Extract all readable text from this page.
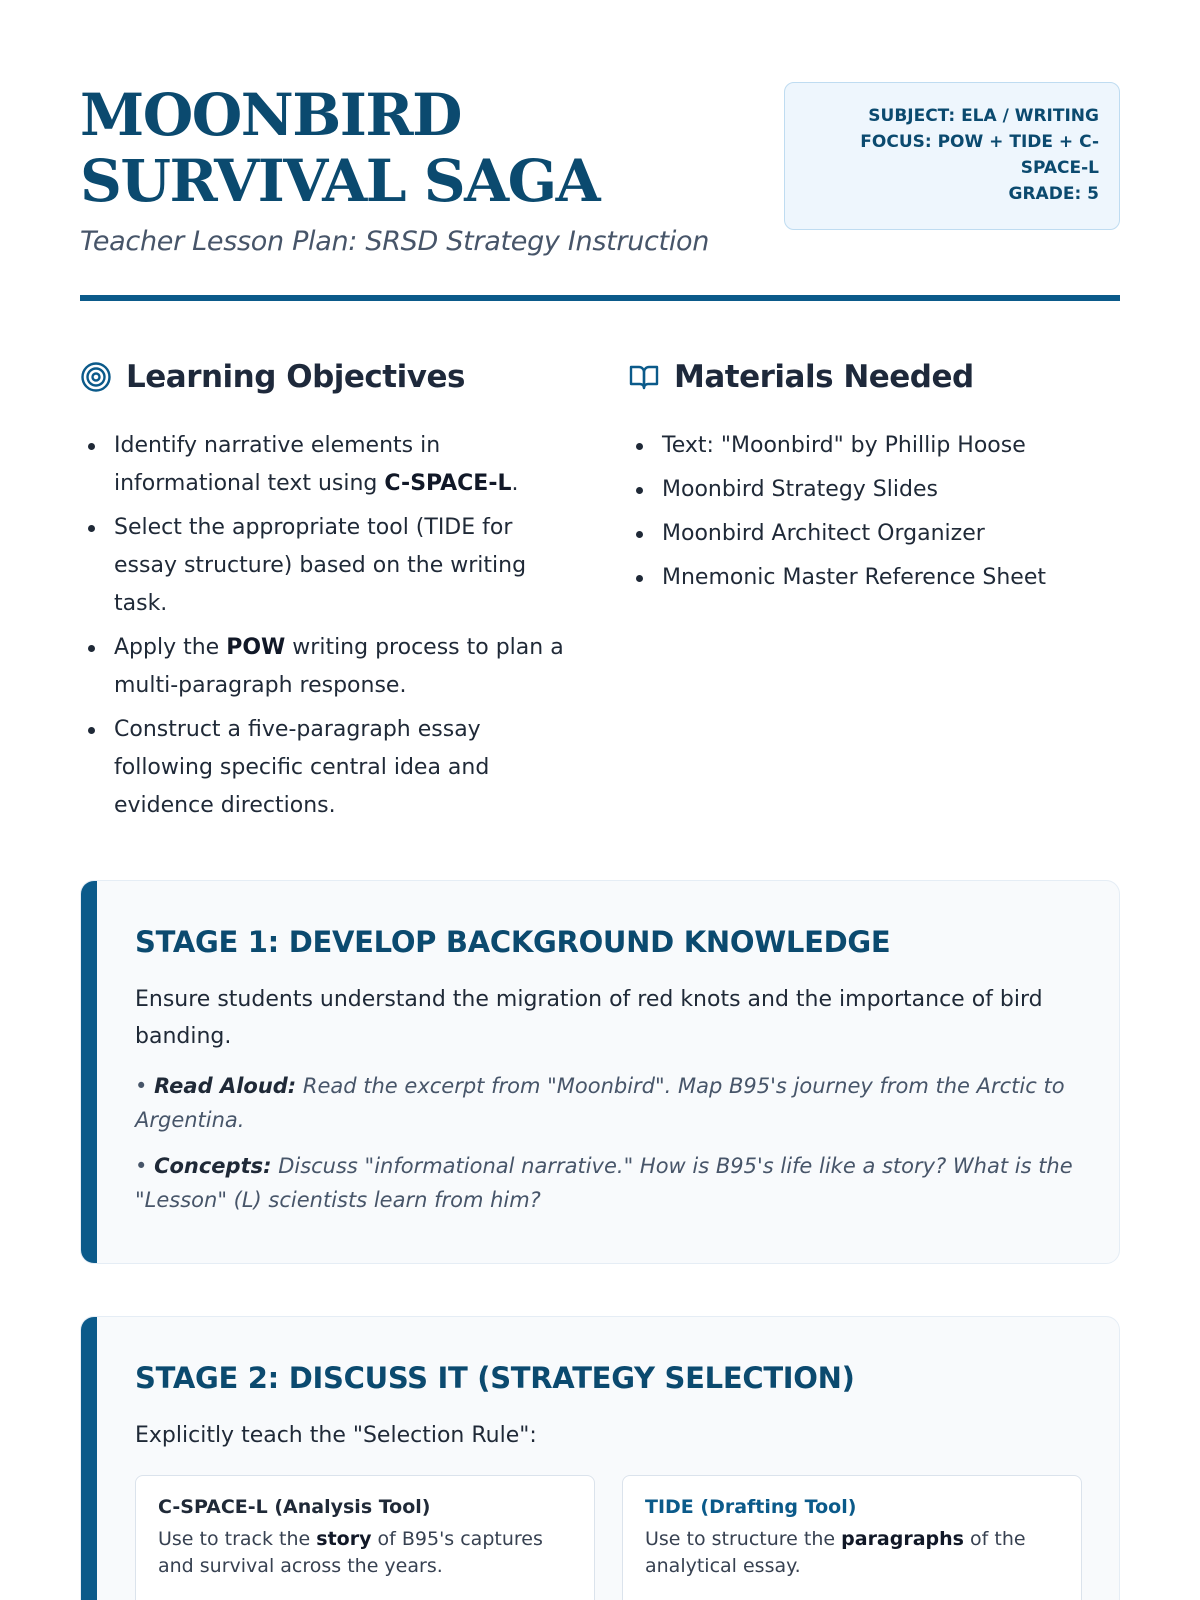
MOONBIRD SURVIVAL SAGA
Teacher Lesson Plan: SRSD Strategy Instruction
SUBJECT: ELA / WRITING
FOCUS: POW + TIDE + C-SPACE-L
GRADE: 5
Learning Objectives
Identify narrative elements in informational text using C-SPACE-L.
Select the appropriate tool (TIDE for essay structure) based on the writing task.
Apply the POW writing process to plan a multi-paragraph response.
Construct a five-paragraph essay following specific central idea and evidence directions.
Materials Needed
Text: "Moonbird" by Phillip Hoose
Moonbird Strategy Slides
Moonbird Architect Organizer
Mnemonic Master Reference Sheet
STAGE 1: DEVELOP BACKGROUND KNOWLEDGE

Ensure students understand the migration of red knots and the importance of bird banding.

• Read Aloud: Read the excerpt from "Moonbird". Map B95's journey from the Arctic to Argentina.

• Concepts: Discuss "informational narrative." How is B95's life like a story? What is the "Lesson" (L) scientists learn from him?

STAGE 2: DISCUSS IT (STRATEGY SELECTION)

Explicitly teach the "Selection Rule":

C-SPACE-L (Analysis Tool)
Use to track the story of B95's captures and survival across the years.
TIDE (Drafting Tool)
Use to structure the paragraphs of the analytical essay.
